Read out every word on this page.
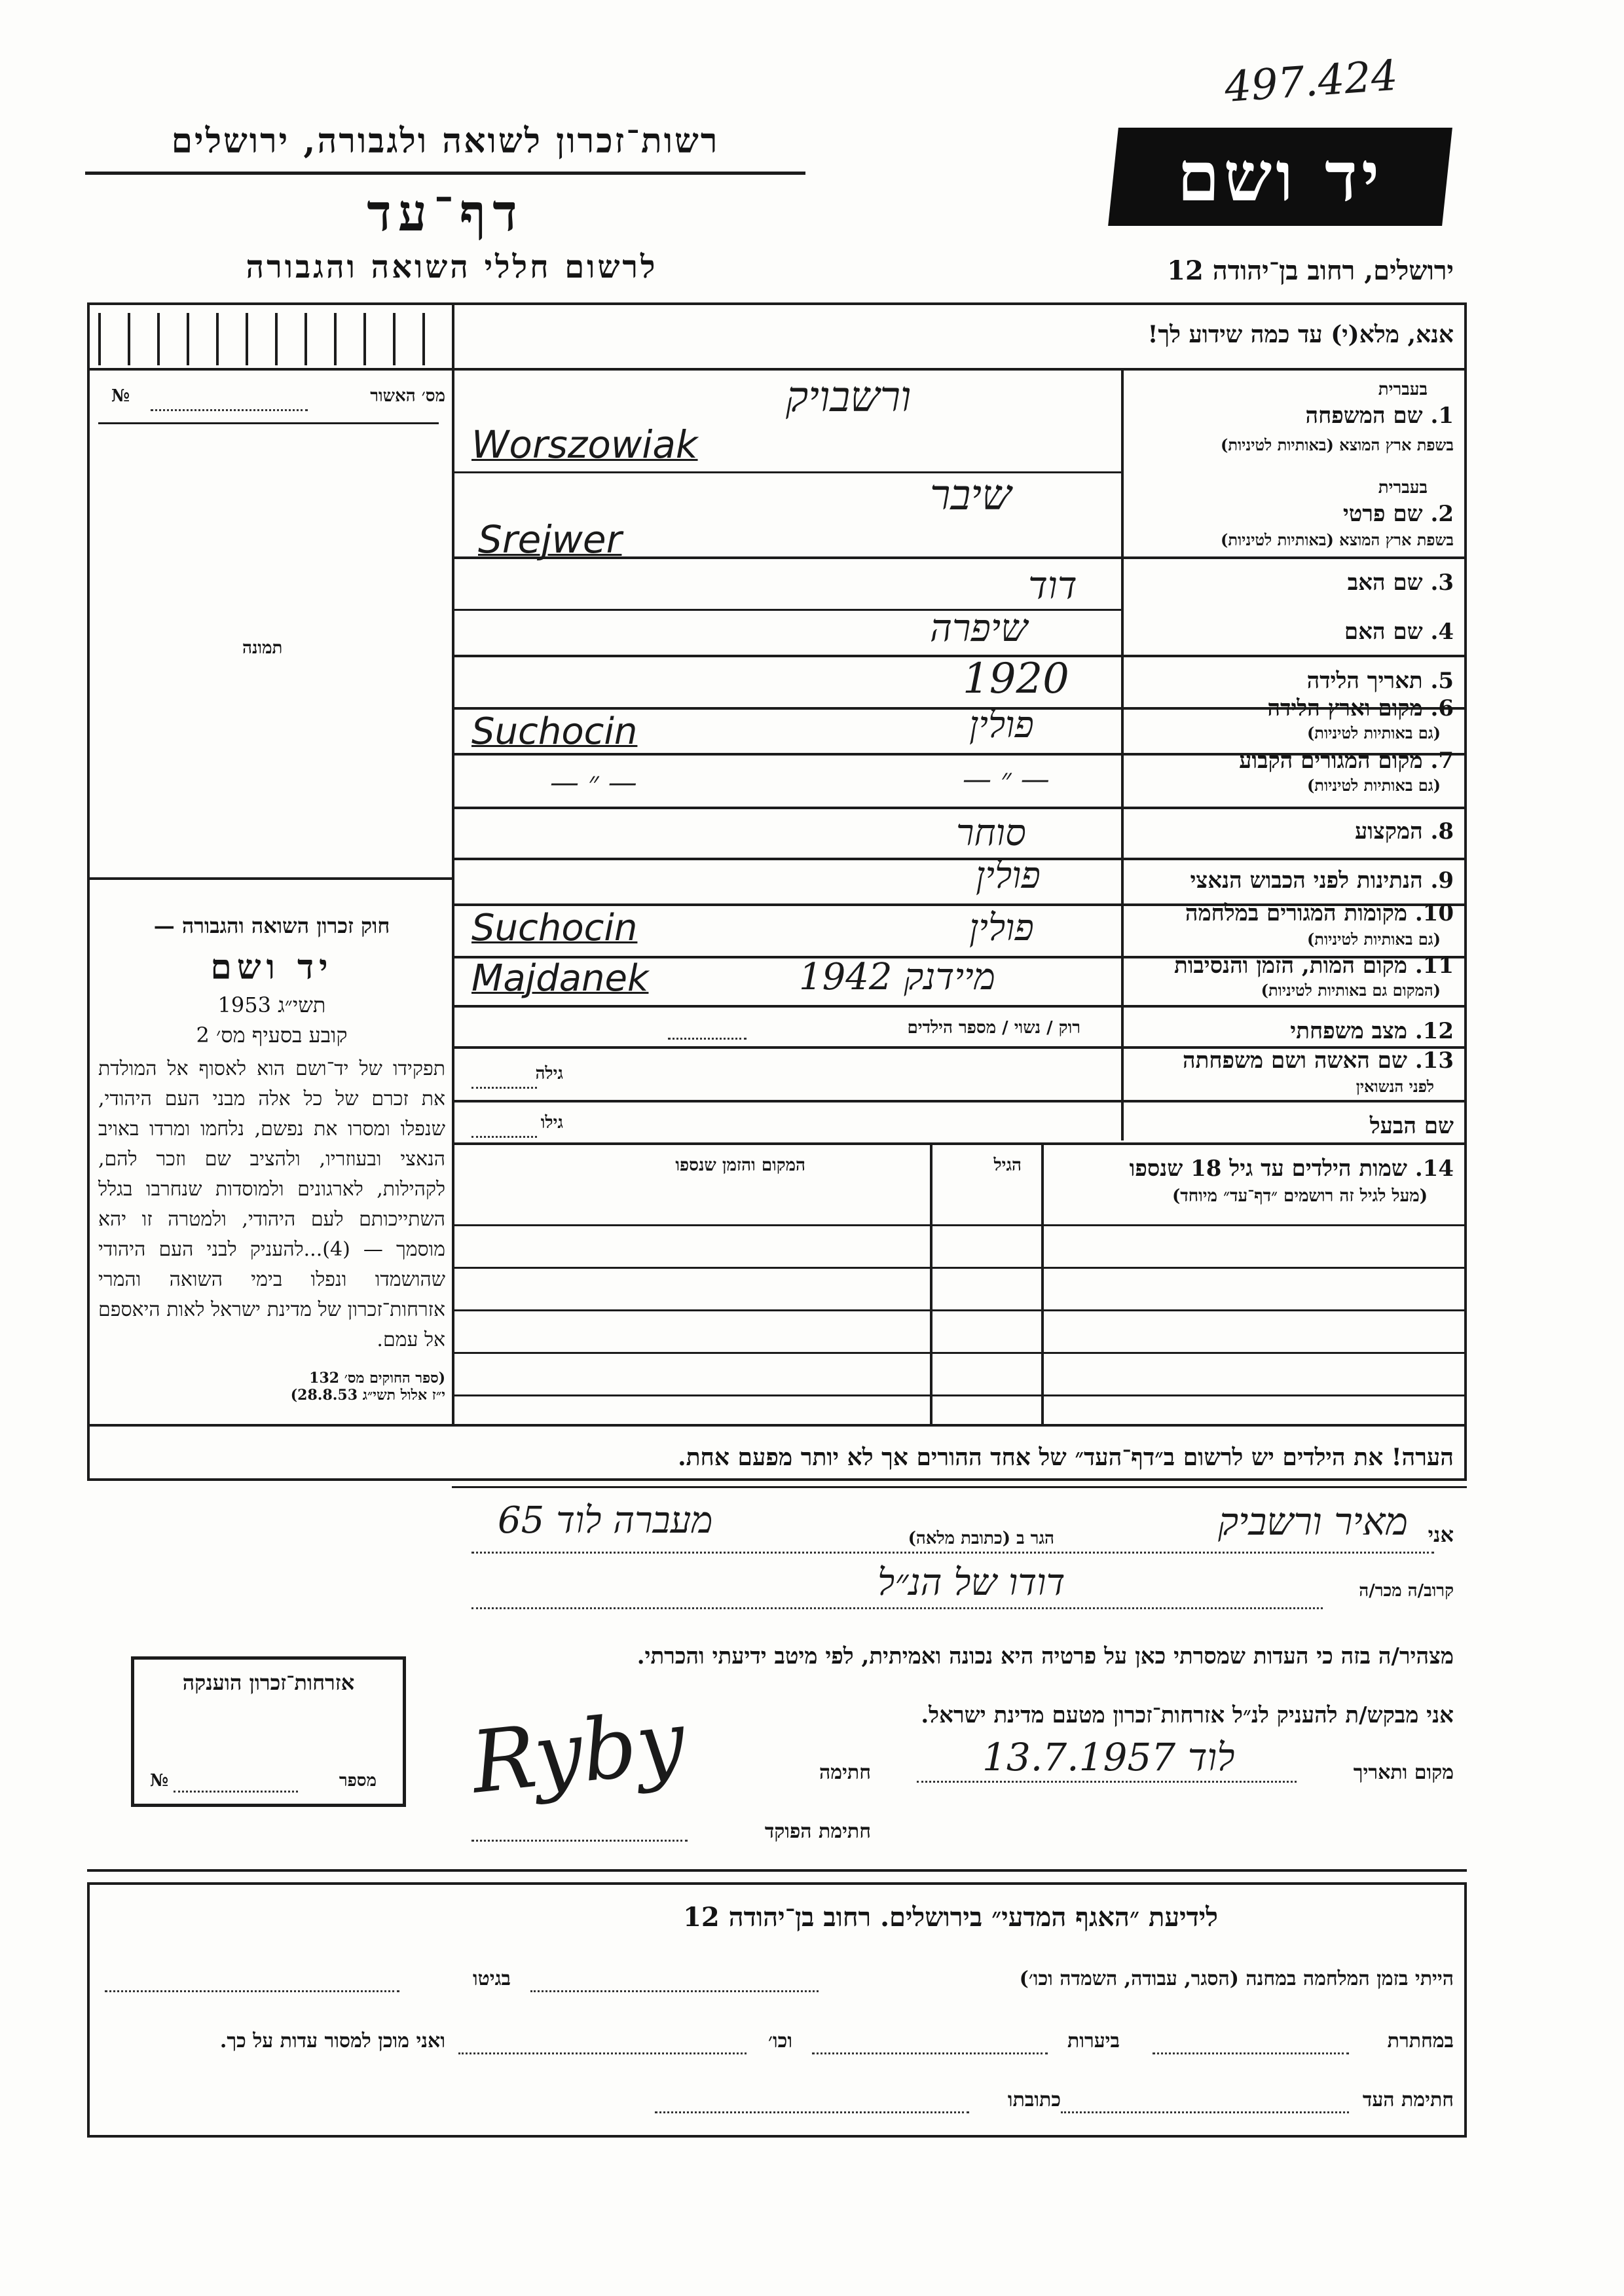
497.424
רשות־זכרון לשואה ולגבורה, ירושלים
דף־עד
לרשום חללי השואה והגבורה
יד ושם
ירושלים, רחוב בן־יהודה 12
אנא, מלא(י) עד כמה שידוע לך!
מס׳ האשור
№
תמונה
חוק זכרון השואה והגבורה —
יד ושם
תשי״ג 1953
קובע בסעיף מס׳ 2
תפקידו של יד־ושם הוא לאסוף אל המולדת את זכרם של כל אלה מבני העם היהודי, שנפלו ומסרו את נפשם, נלחמו ומרדו באויב הנאצי ובעוזריו, ולהציב שם וזכר להם, לקהילות, לארגונים ולמוסדות שנחרבו בגלל השתייכותם לעם היהודי, ולמטרה זו יהא מוסמך — (4)...להעניק לבני העם היהודי שהושמדו ונפלו בימי השואה והמרי אזרחות־זכרון של מדינת ישראל לאות היאספם אל עמם.
(ספר החוקים מס׳ 132
י״ז אלול תשי״ג 28.8.53)
בעברית
1. שם המשפחה
בשפת ארץ המוצא (באותיות לטיניות)
ורשבויק
Worszowiak
בעברית
2. שם פרטי
בשפת ארץ המוצא (באותיות לטיניות)
שיבר
Srejwer
3. שם האב
דוד
4. שם האם
שיפרה
5. תאריך הלידה
1920
6. מקום וארץ הלידה
(גם באותיות לטיניות)
פולין
Suchocin
7. מקום המגורים הקבוע
(גם באותיות לטיניות)
— ״ —
— ״ —
8. המקצוע
סוחר
9. הנתינות לפני הכבוש הנאצי
פולין
10. מקומות המגורים במלחמה
(גם באותיות לטיניות)
פולין
Suchocin
11. מקום המות, הזמן והנסיבות
(המקום גם באותיות לטיניות)
מיידנק 1942
Majdanek
12. מצב משפחתי
רוק / נשוי / מספר הילדים
13. שם האשה ושם משפחתה
לפני הנשואין
גילה
שם הבעל
גילו
14. שמות הילדים עד גיל 18 שנספו
(מעל לגיל זה רושמים ״דף־עד״ מיוחד)
הגיל
המקום והזמן שנספו
הערה! את הילדים יש לרשום ב״דף־העד״ של אחד ההורים אך לא יותר מפעם אחת.
אני
מאיר ורשביק
הגר ב (כתובת מלאה)
מעברה לוד 65
קרוב/ה מכר/ה
דודו של הנ״ל
מצהיר/ה בזה כי העדות שמסרתי כאן על פרטיה היא נכונה ואמיתית, לפי מיטב ידיעתי והכרתי.
אני מבקש/ת להעניק לנ״ל אזרחות־זכרון מטעם מדינת ישראל.
מקום ותאריך
לוד 13.7.1957
חתימה
Ryby
חתימת הפוקד
אזרחות־זכרון הוענקה
מספר
№
לידיעת ״האגף המדעי״ בירושלים. רחוב בן־יהודה 12
הייתי בזמן המלחמה במחנה (הסגר, עבודה, השמדה וכו׳)
בגיטו
במחתרת
ביערות
וכו׳
ואני מוכן למסור עדות על כך.
חתימת העד
כתובתו
